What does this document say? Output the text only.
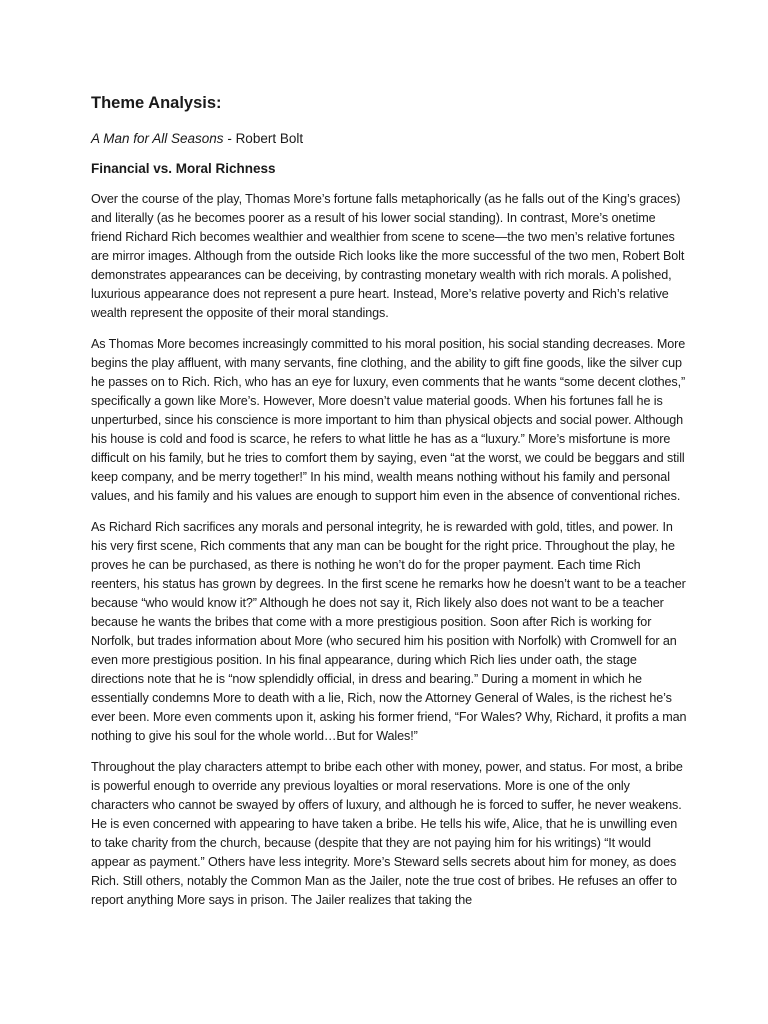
Theme Analysis:
A Man for All Seasons - Robert Bolt
Financial vs. Moral Richness

Over the course of the play, Thomas More’s fortune falls metaphorically (as he falls out of the King’s graces) and literally (as he becomes poorer as a result of his lower social standing). In contrast, More’s onetime friend Richard Rich becomes wealthier and wealthier from scene to scene—the two men’s relative fortunes are mirror images. Although from the outside Rich looks like the more successful of the two men, Robert Bolt demonstrates appearances can be deceiving, by contrasting monetary wealth with rich morals. A polished, luxurious appearance does not represent a pure heart. Instead, More’s relative poverty and Rich’s relative wealth represent the opposite of their moral standings.

As Thomas More becomes increasingly committed to his moral position, his social standing decreases. More begins the play affluent, with many servants, fine clothing, and the ability to gift fine goods, like the silver cup he passes on to Rich. Rich, who has an eye for luxury, even comments that he wants “some decent clothes,” specifically a gown like More’s. However, More doesn’t value material goods. When his fortunes fall he is unperturbed, since his conscience is more important to him than physical objects and social power. Although his house is cold and food is scarce, he refers to what little he has as a “luxury.” More’s misfortune is more difficult on his family, but he tries to comfort them by saying, even “at the worst, we could be beggars and still keep company, and be merry together!” In his mind, wealth means nothing without his family and personal values, and his family and his values are enough to support him even in the absence of conventional riches.

As Richard Rich sacrifices any morals and personal integrity, he is rewarded with gold, titles, and power. In his very first scene, Rich comments that any man can be bought for the right price. Throughout the play, he proves he can be purchased, as there is nothing he won’t do for the proper payment. Each time Rich reenters, his status has grown by degrees. In the first scene he remarks how he doesn’t want to be a teacher because “who would know it?” Although he does not say it, Rich likely also does not want to be a teacher because he wants the bribes that come with a more prestigious position. Soon after Rich is working for Norfolk, but trades information about More (who secured him his position with Norfolk) with Cromwell for an even more prestigious position. In his final appearance, during which Rich lies under oath, the stage directions note that he is “now splendidly official, in dress and bearing.” During a moment in which he essentially condemns More to death with a lie, Rich, now the Attorney General of Wales, is the richest he’s ever been. More even comments upon it, asking his former friend, “For Wales? Why, Richard, it profits a man nothing to give his soul for the whole world…But for Wales!”

Throughout the play characters attempt to bribe each other with money, power, and status. For most, a bribe is powerful enough to override any previous loyalties or moral reservations. More is one of the only characters who cannot be swayed by offers of luxury, and although he is forced to suffer, he never weakens. He is even concerned with appearing to have taken a bribe. He tells his wife, Alice, that he is unwilling even to take charity from the church, because (despite that they are not paying him for his writings) “It would appear as payment.” Others have less integrity. More’s Steward sells secrets about him for money, as does Rich. Still others, notably the Common Man as the Jailer, note the true cost of bribes. He refuses an offer to report anything More says in prison. The Jailer realizes that taking the
